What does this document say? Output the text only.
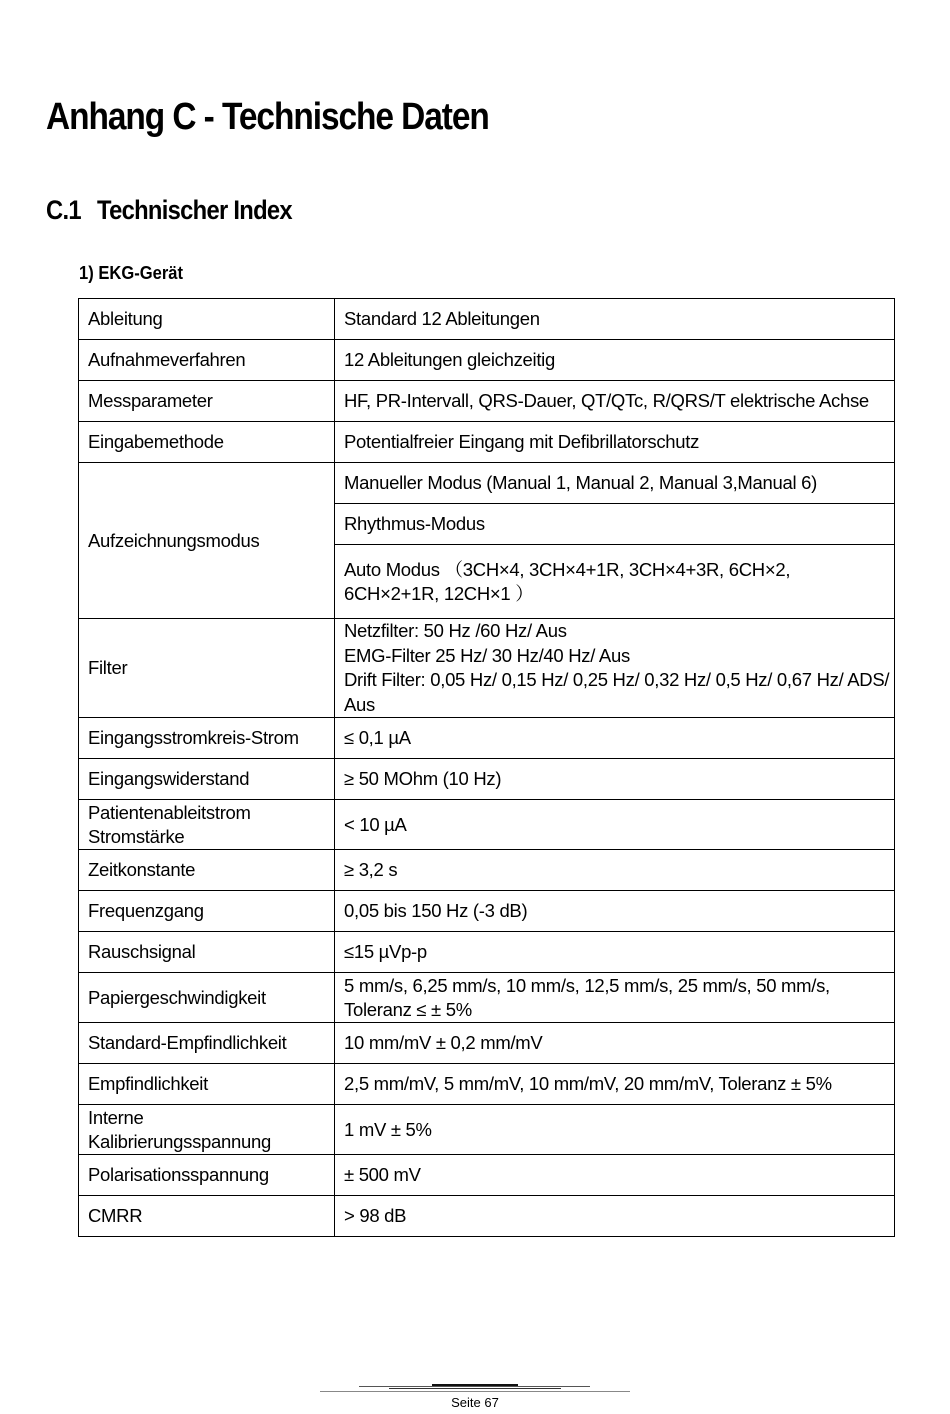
Anhang C - Technische Daten
C.1 Technischer Index
1) EKG-Gerät
Ableitung	Standard 12 Ableitungen
Aufnahmeverfahren	12 Ableitungen gleichzeitig
Messparameter	HF, PR-Intervall, QRS-Dauer, QT/QTc, R/QRS/T elektrische Achse

Eingabemethode	Potentialfreier Eingang mit Defibrillatorschutz
Aufzeichnungsmodus	Manueller Modus (Manual 1, Manual 2, Manual 3,Manual 6)
	Rhythmus-Modus
	Auto Modus （3CH×4, 3CH×4+1R, 3CH×4+3R, 6CH×2, 6CH×2+1R, 12CH×1 ）
Filter	Netzfilter: 50 Hz /60 Hz/ Aus
EMG-Filter 25 Hz/ 30 Hz/40 Hz/ Aus
Drift Filter: 0,05 Hz/ 0,15 Hz/ 0,25 Hz/ 0,32 Hz/ 0,5 Hz/ 0,67 Hz/ ADS/
Aus

Eingangsstromkreis-Strom	≤ 0,1 µA
Eingangswiderstand	≥ 50 MOhm (10 Hz)

Patientenableitstrom
Stromstärke	< 10 µA
Zeitkonstante	≥ 3,2 s
Frequenzgang	0,05 bis 150 Hz (-3 dB)
Rauschsignal	≤15 µVp-p
Papiergeschwindigkeit	5 mm/s, 6,25 mm/s, 10 mm/s, 12,5 mm/s, 25 mm/s, 50 mm/s,
Toleranz ≤ ± 5%

Standard-Empfindlichkeit	10 mm/mV ± 0,2 mm/mV
Empfindlichkeit	2,5 mm/mV, 5 mm/mV, 10 mm/mV, 20 mm/mV, Toleranz ± 5%

Interne
Kalibrierungsspannung	1 mV ± 5%
Polarisationsspannung	± 500 mV
CMRR	> 98 dB
Seite 67
